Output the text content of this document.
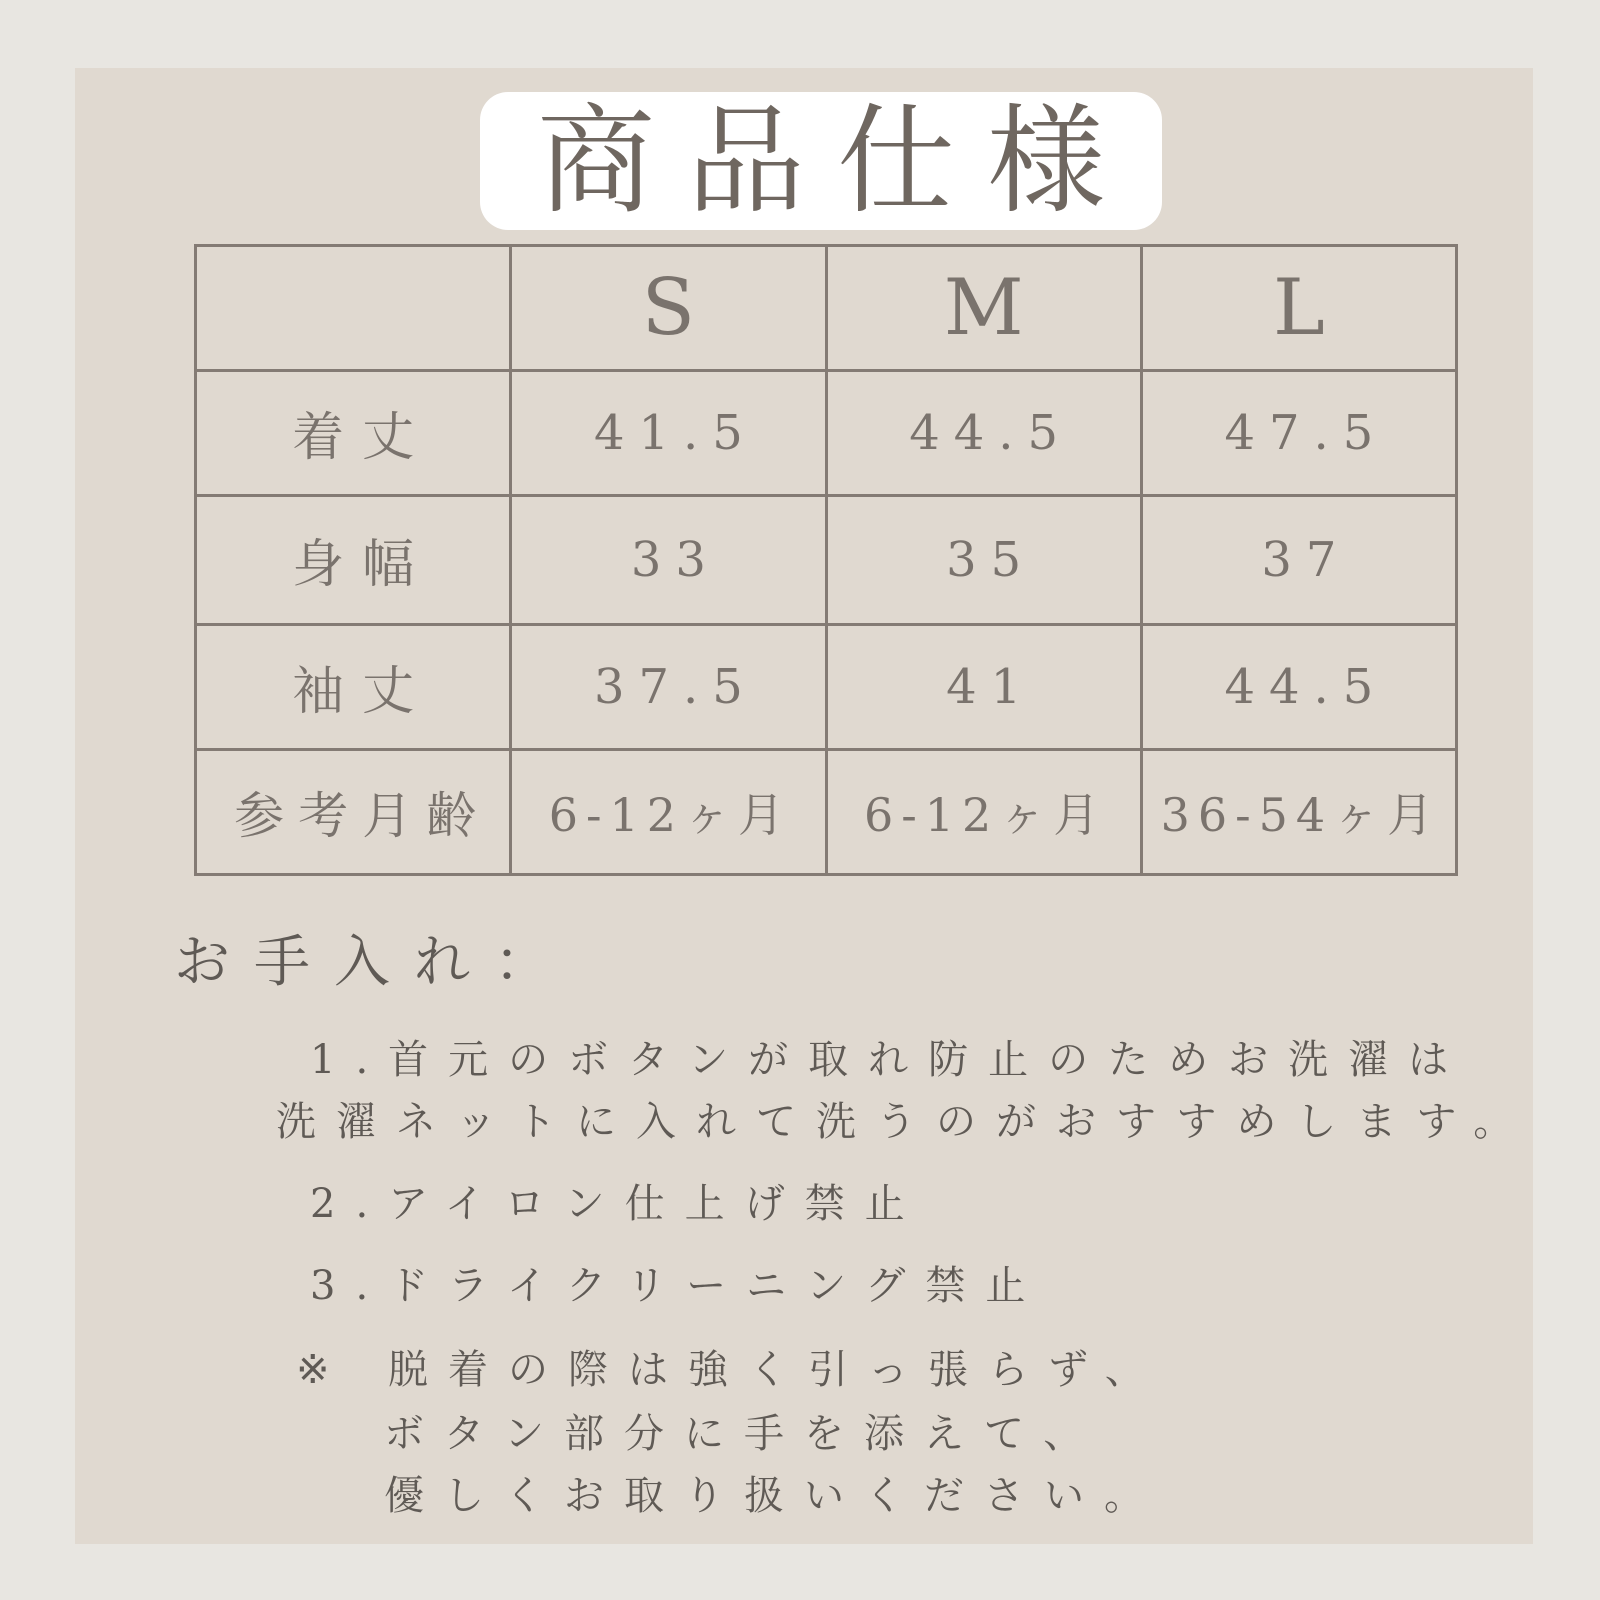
商品仕様
	S	M	L
着丈	41.5	44.5	47.5
身幅	33	35	37
袖丈	37.5	41	44.5
参考月齢	6-12ヶ月	6-12ヶ月	36-54ヶ月
お手入れ：
1.首元のボタンが取れ防止のためお洗濯は
洗濯ネットに入れて洗うのがおすすめします。
2.アイロン仕上げ禁止
3.ドライクリーニング禁止
※ 脱着の際は強く引っ張らず、
ボタン部分に手を添えて、
優しくお取り扱いください。
